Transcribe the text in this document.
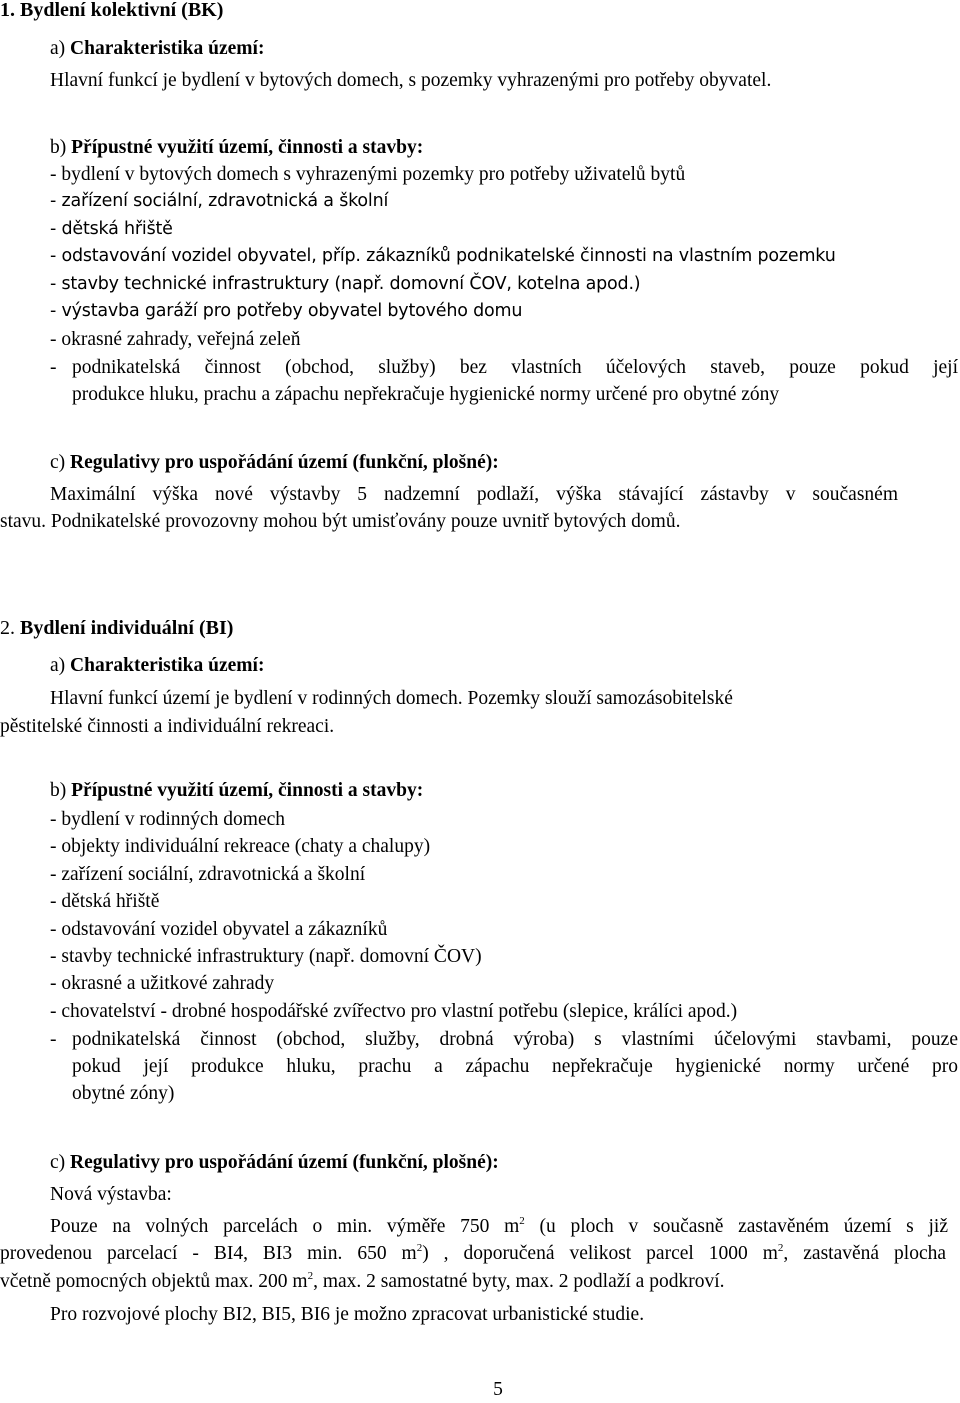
1. Bydlení kolektivní (BK)
a) Charakteristika území:
Hlavní funkcí je bydlení v bytových domech, s pozemky vyhrazenými pro potřeby obyvatel.
b) Přípustné využití území, činnosti a stavby:
- bydlení v bytových domech s vyhrazenými pozemky pro potřeby uživatelů bytů
- zařízení sociální, zdravotnická a školní
- dětská hřiště
- odstavování vozidel obyvatel, příp. zákazníků podnikatelské činnosti na vlastním pozemku
- stavby technické infrastruktury (např. domovní ČOV, kotelna apod.)
- výstavba garáží pro potřeby obyvatel bytového domu
- okrasné zahrady, veřejná zeleň
- podnikatelská činnost (obchod, služby) bez vlastních účelových staveb, pouze pokud její
produkce hluku, prachu a zápachu nepřekračuje hygienické normy určené pro obytné zóny
c) Regulativy pro uspořádání území (funkční, plošné):
Maximální výška nové výstavby 5 nadzemní podlaží, výška stávající zástavby v současném
stavu. Podnikatelské provozovny mohou být umisťovány pouze uvnitř bytových domů.
2. Bydlení individuální (BI)
a) Charakteristika území:
Hlavní funkcí území je bydlení v rodinných domech. Pozemky slouží samozásobitelské
pěstitelské činnosti a individuální rekreaci.
b) Přípustné využití území, činnosti a stavby:
- bydlení v rodinných domech
- objekty individuální rekreace (chaty a chalupy)
- zařízení sociální, zdravotnická a školní
- dětská hřiště
- odstavování vozidel obyvatel a zákazníků
- stavby technické infrastruktury (např. domovní ČOV)
- okrasné a užitkové zahrady
- chovatelství - drobné hospodářské zvířectvo pro vlastní potřebu (slepice, králíci apod.)
- podnikatelská činnost (obchod, služby, drobná výroba) s vlastními účelovými stavbami, pouze
pokud její produkce hluku, prachu a zápachu nepřekračuje hygienické normy určené pro
obytné zóny)
c) Regulativy pro uspořádání území (funkční, plošné):
Nová výstavba:
Pouze na volných parcelách o min. výměře 750 $m^2$ (u ploch v současně zastavěném území s již
provedenou parcelací - BI4, BI3 min. 650 $m^2$) , doporučená velikost parcel 1000 $m^2$, zastavěná plocha
včetně pomocných objektů max. 200 $m^2$, max. 2 samostatné byty, max. 2 podlaží a podkroví.
Pro rozvojové plochy BI2, BI5, BI6 je možno zpracovat urbanistické studie.
5
